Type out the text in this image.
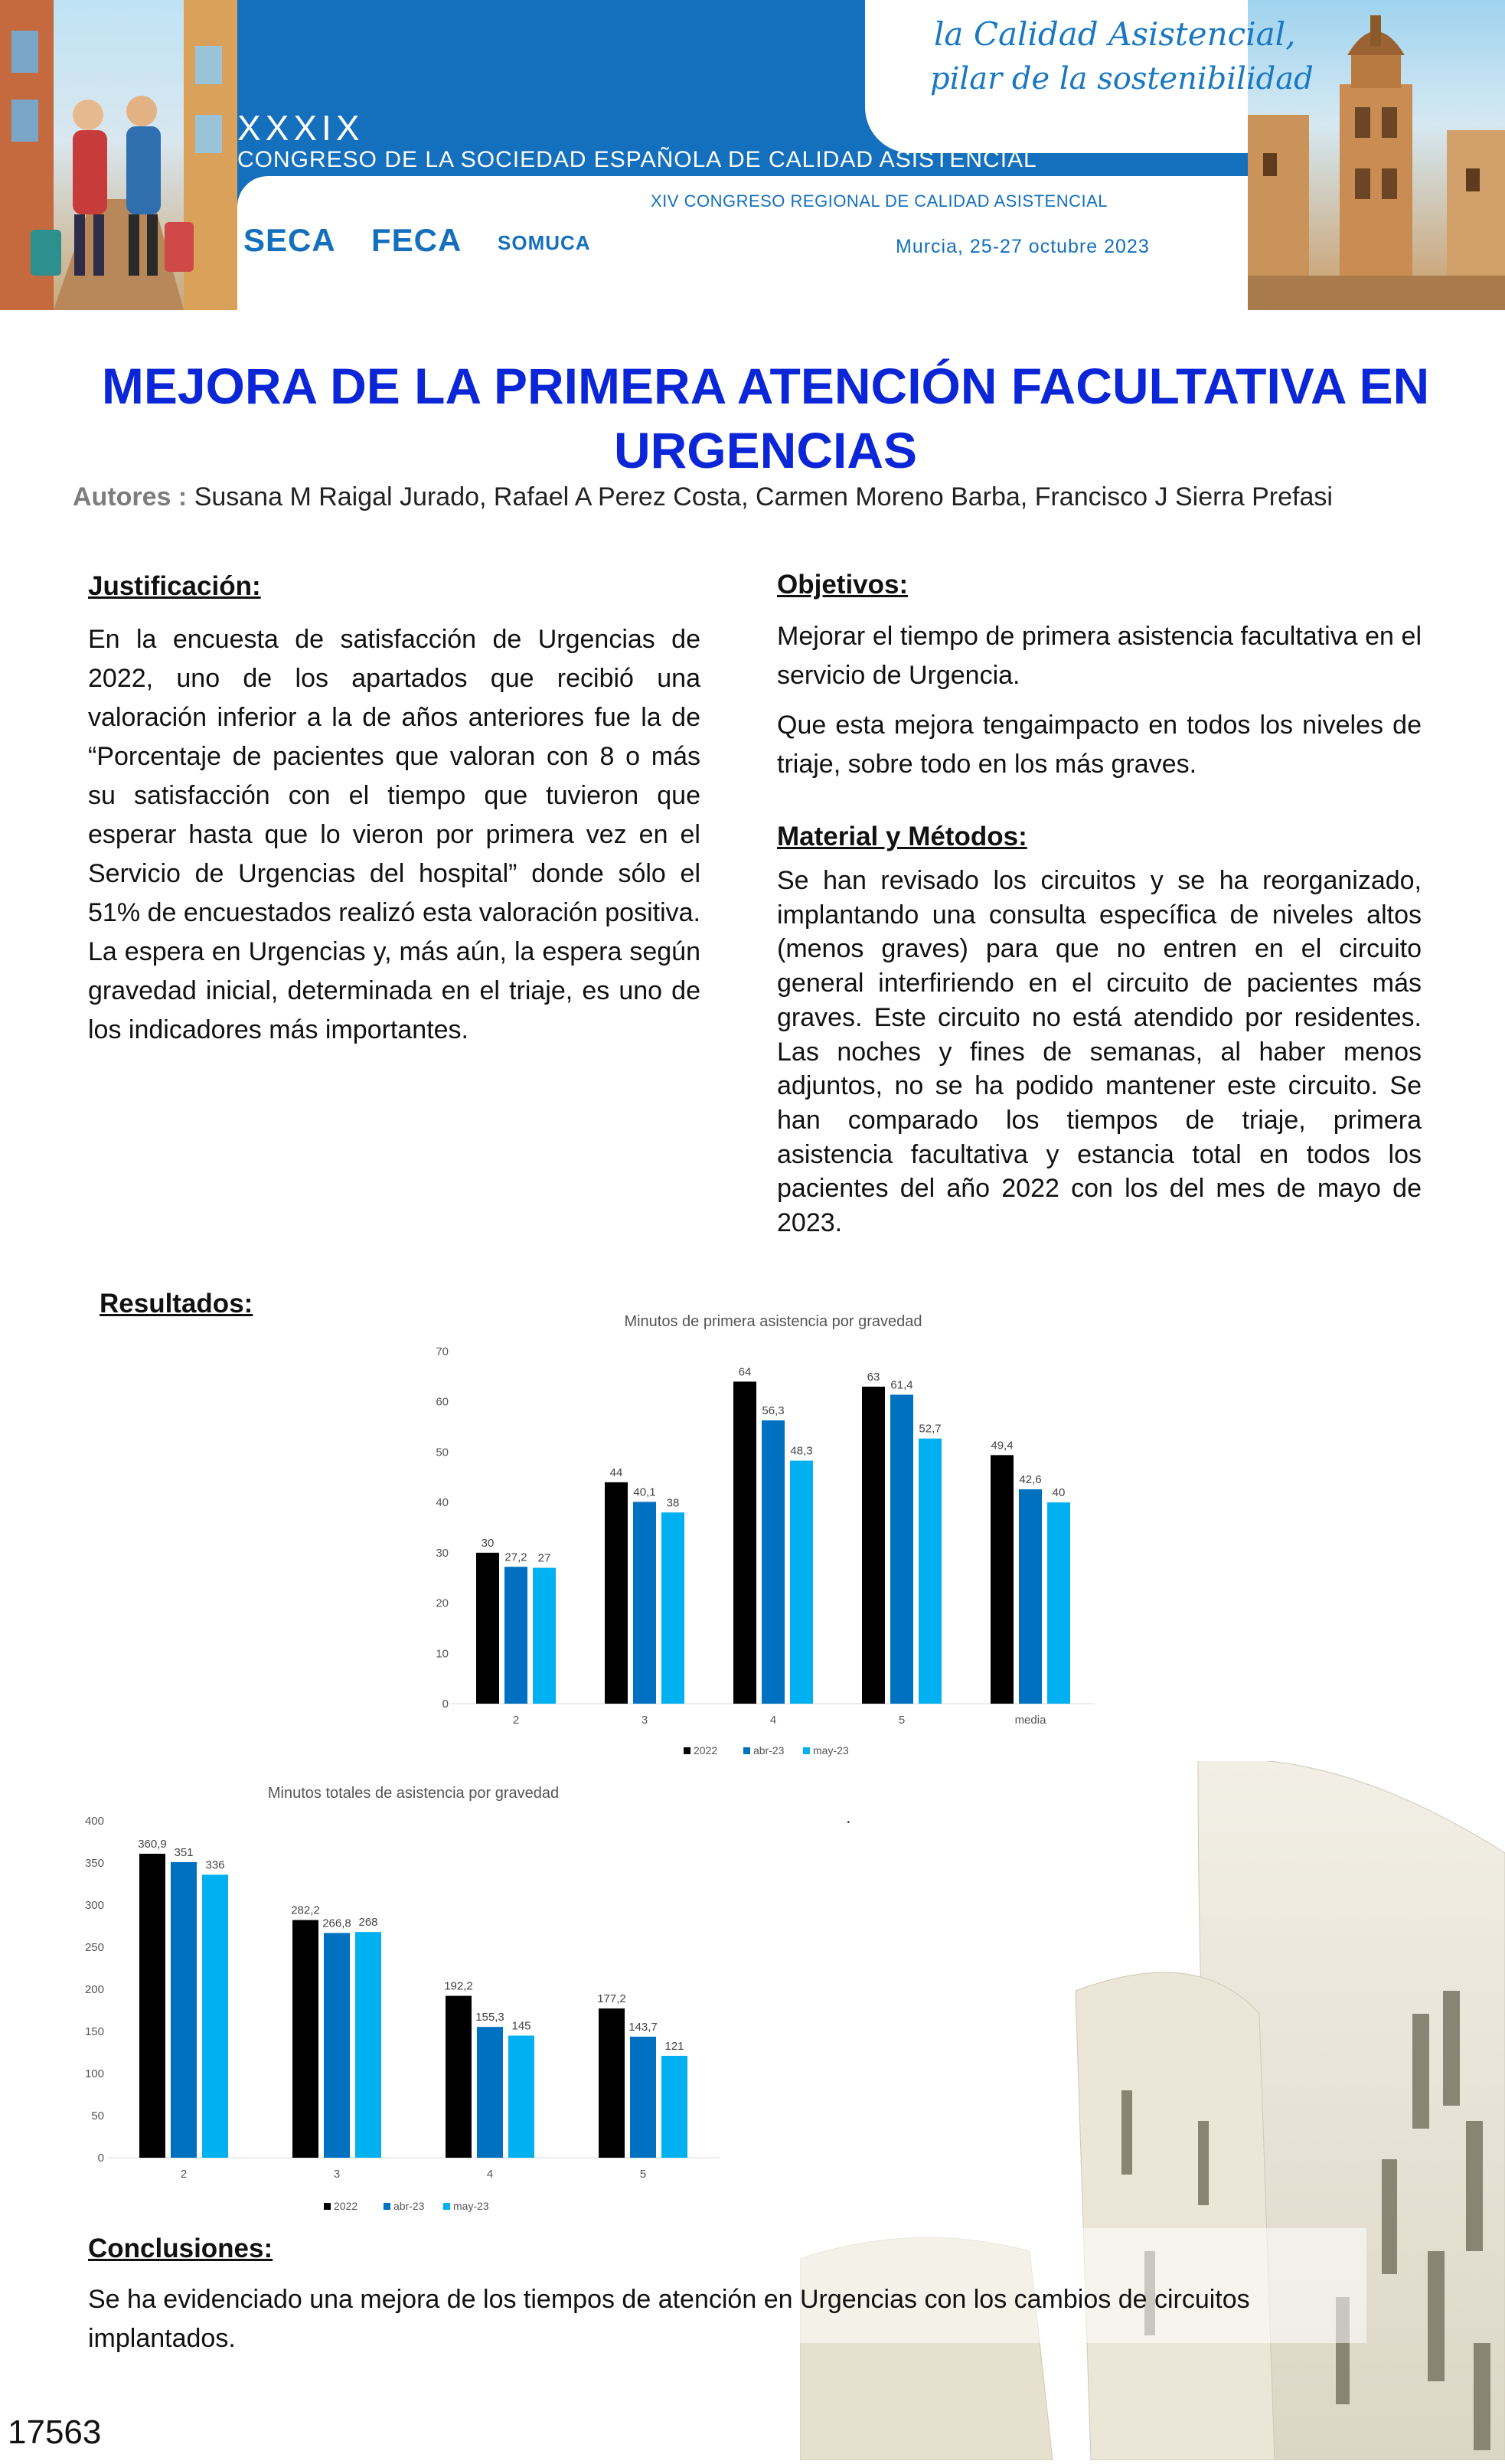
la Calidad Asistencial,
pilar de la sostenibilidad
XXXIX
CONGRESO DE LA SOCIEDAD ESPAÑOLA DE CALIDAD ASISTENCIAL
XIV CONGRESO REGIONAL DE CALIDAD ASISTENCIAL
Murcia, 25-27 octubre 2023
SECA FECA SOMUCA
MEJORA DE LA PRIMERA ATENCIÓN FACULTATIVA EN URGENCIAS
Autores : Susana M Raigal Jurado, Rafael A Perez Costa, Carmen Moreno Barba, Francisco J Sierra Prefasi
.
Justificación:
En la encuesta de satisfacción de Urgencias de 2022, uno de los apartados que recibió una valoración inferior a la de años anteriores fue la de “Porcentaje de pacientes que valoran con 8 o más su satisfacción con el tiempo que tuvieron que esperar hasta que lo vieron por primera vez en el Servicio de Urgencias del hospital” donde sólo el 51% de encuestados realizó esta valoración positiva. La espera en Urgencias y, más aún, la espera según gravedad inicial, determinada en el triaje, es uno de los indicadores más importantes.
Objetivos:

Mejorar el tiempo de primera asistencia facultativa en el servicio de Urgencia.

Que esta mejora tengaimpacto en todos los niveles de triaje, sobre todo en los más graves.

Material y Métodos:
Se han revisado los circuitos y se ha reorganizado, implantando una consulta específica de niveles altos (menos graves) para que no entren en el circuito general interfiriendo en el circuito de pacientes más graves. Este circuito no está atendido por residentes. Las noches y fines de semanas, al haber menos adjuntos, no se ha podido mantener este circuito. Se han comparado los tiempos de triaje, primera asistencia facultativa y estancia total en todos los pacientes del año 2022 con los del mes de mayo de 2023.
Resultados:
Minutos de primera asistencia por gravedad
0
10
20
30
40
50
60
70
30
27,2 27
2
44
40,1
38
3
64
56,3
48,3
4
63
61,4
52,7
5
49,4
42,6
40
media
2022	abr-23	may-23
Minutos totales de asistencia por gravedad
0
50
100
150
200
250
300
350
400
360,9
351
336
2
282,2
266,8 268
3
192,2
155,3
145
4
177,2
143,7
121
5
2022	abr-23	may-23
Conclusiones:
Se ha evidenciado una mejora de los tiempos de atención en Urgencias con los cambios de circuitos implantados.
17563
